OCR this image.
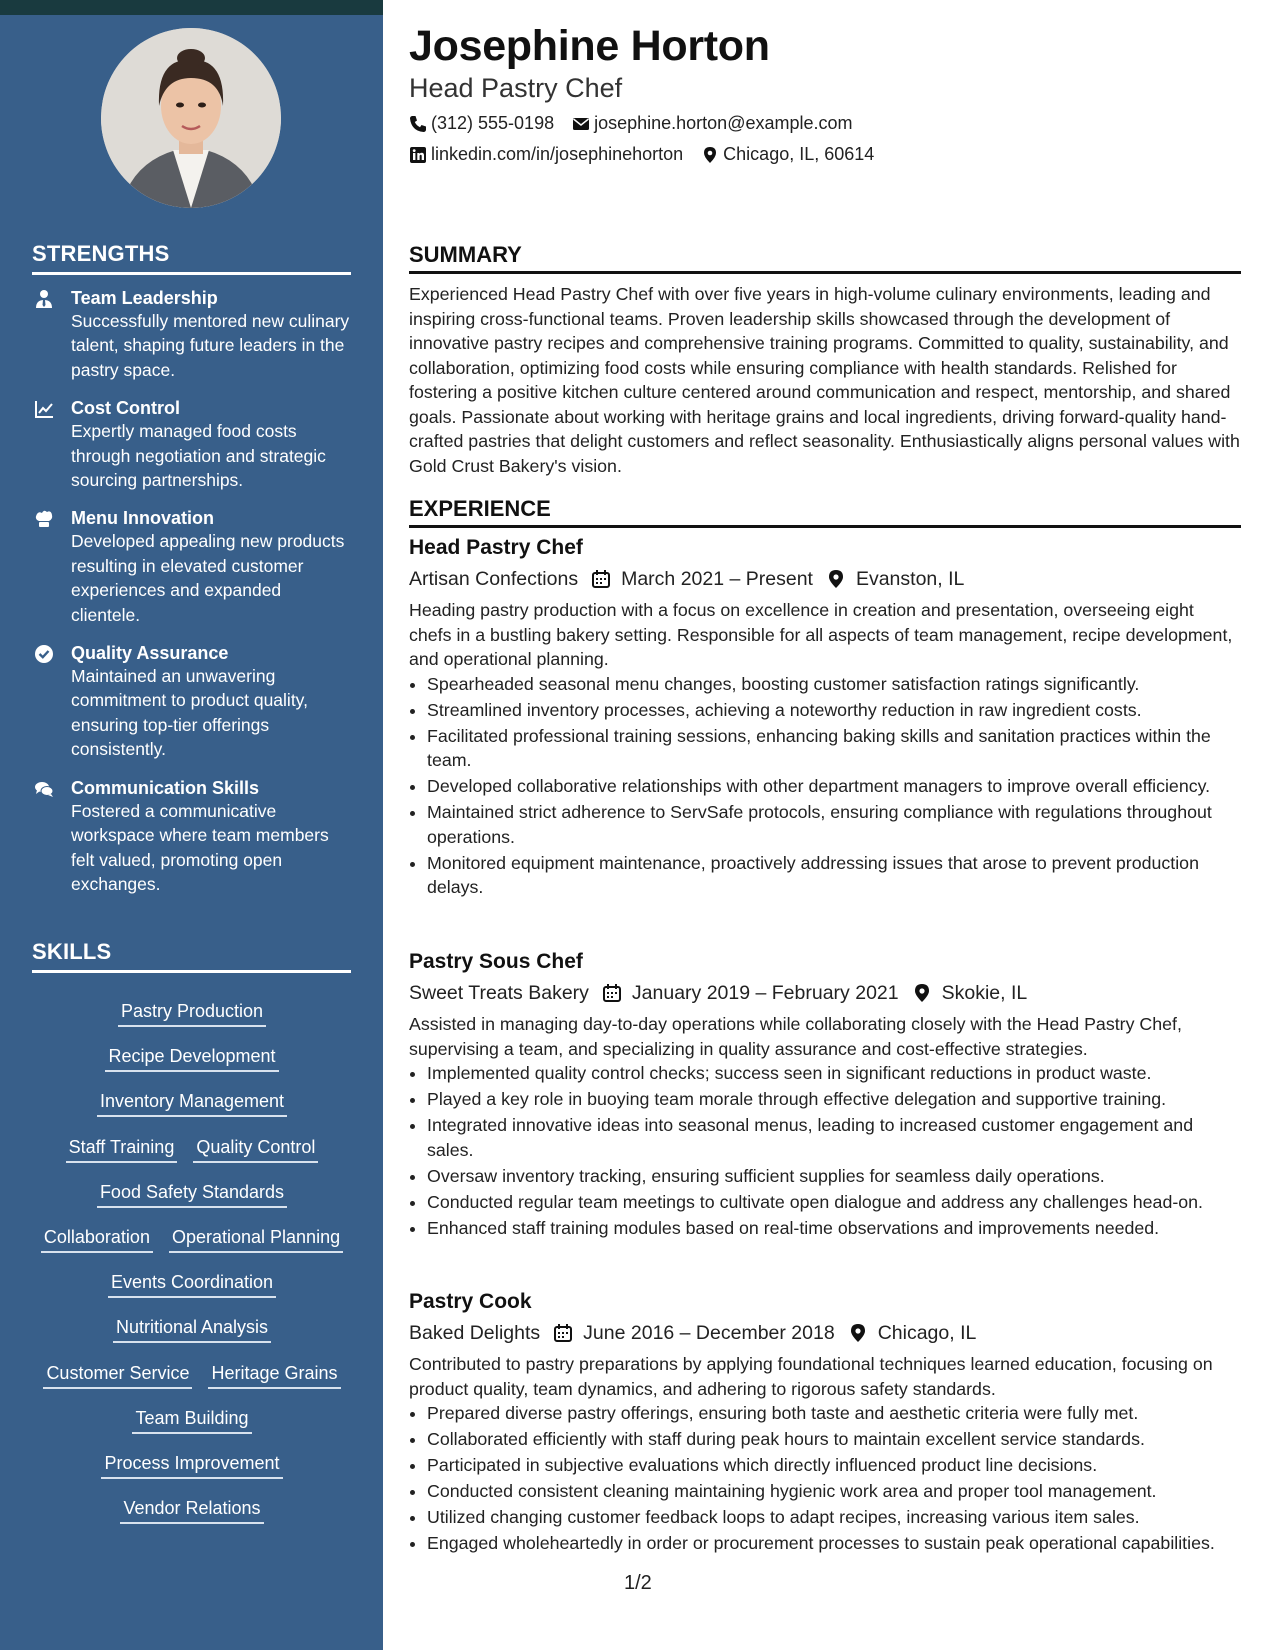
STRENGTHS
Team Leadership
Successfully mentored new culinary talent, shaping future leaders in the pastry space.
Cost Control
Expertly managed food costs through negotiation and strategic sourcing partnerships.
Menu Innovation
Developed appealing new products resulting in elevated customer experiences and expanded clientele.
Quality Assurance
Maintained an unwavering commitment to product quality, ensuring top-tier offerings consistently.
Communication Skills
Fostered a communicative workspace where team members felt valued, promoting open exchanges.
SKILLS
Pastry Production
Recipe Development
Inventory Management
Staff Training Quality Control
Food Safety Standards
Collaboration Operational Planning
Events Coordination
Nutritional Analysis
Customer Service Heritage Grains
Team Building
Process Improvement
Vendor Relations
Josephine Horton
Head Pastry Chef
(312) 555-0198 josephine.horton@example.com
linkedin.com/in/josephinehorton Chicago, IL, 60614
SUMMARY
Experienced Head Pastry Chef with over five years in high-volume culinary environments, leading and inspiring cross-functional teams. Proven leadership skills showcased through the development of innovative pastry recipes and comprehensive training programs. Committed to quality, sustainability, and collaboration, optimizing food costs while ensuring compliance with health standards. Relished for fostering a positive kitchen culture centered around communication and respect, mentorship, and shared goals. Passionate about working with heritage grains and local ingredients, driving forward-quality hand-crafted pastries that delight customers and reflect seasonality. Enthusiastically aligns personal values with Gold Crust Bakery's vision.
EXPERIENCE
Head Pastry Chef
Artisan Confections March 2021 – Present Evanston, IL
Heading pastry production with a focus on excellence in creation and presentation, overseeing eight chefs in a bustling bakery setting. Responsible for all aspects of team management, recipe development, and operational planning.
• Spearheaded seasonal menu changes, boosting customer satisfaction ratings significantly.
• Streamlined inventory processes, achieving a noteworthy reduction in raw ingredient costs.
• Facilitated professional training sessions, enhancing baking skills and sanitation practices within the team.
• Developed collaborative relationships with other department managers to improve overall efficiency.
• Maintained strict adherence to ServSafe protocols, ensuring compliance with regulations throughout operations.
• Monitored equipment maintenance, proactively addressing issues that arose to prevent production delays.
Pastry Sous Chef
Sweet Treats Bakery January 2019 – February 2021 Skokie, IL
Assisted in managing day-to-day operations while collaborating closely with the Head Pastry Chef, supervising a team, and specializing in quality assurance and cost-effective strategies.
• Implemented quality control checks; success seen in significant reductions in product waste.
• Played a key role in buoying team morale through effective delegation and supportive training.
• Integrated innovative ideas into seasonal menus, leading to increased customer engagement and sales.
• Oversaw inventory tracking, ensuring sufficient supplies for seamless daily operations.
• Conducted regular team meetings to cultivate open dialogue and address any challenges head-on.
• Enhanced staff training modules based on real-time observations and improvements needed.
Pastry Cook
Baked Delights June 2016 – December 2018 Chicago, IL
Contributed to pastry preparations by applying foundational techniques learned education, focusing on product quality, team dynamics, and adhering to rigorous safety standards.
• Prepared diverse pastry offerings, ensuring both taste and aesthetic criteria were fully met.
• Collaborated efficiently with staff during peak hours to maintain excellent service standards.
• Participated in subjective evaluations which directly influenced product line decisions.
• Conducted consistent cleaning maintaining hygienic work area and proper tool management.
• Utilized changing customer feedback loops to adapt recipes, increasing various item sales.
• Engaged wholeheartedly in order or procurement processes to sustain peak operational capabilities.
1/2
